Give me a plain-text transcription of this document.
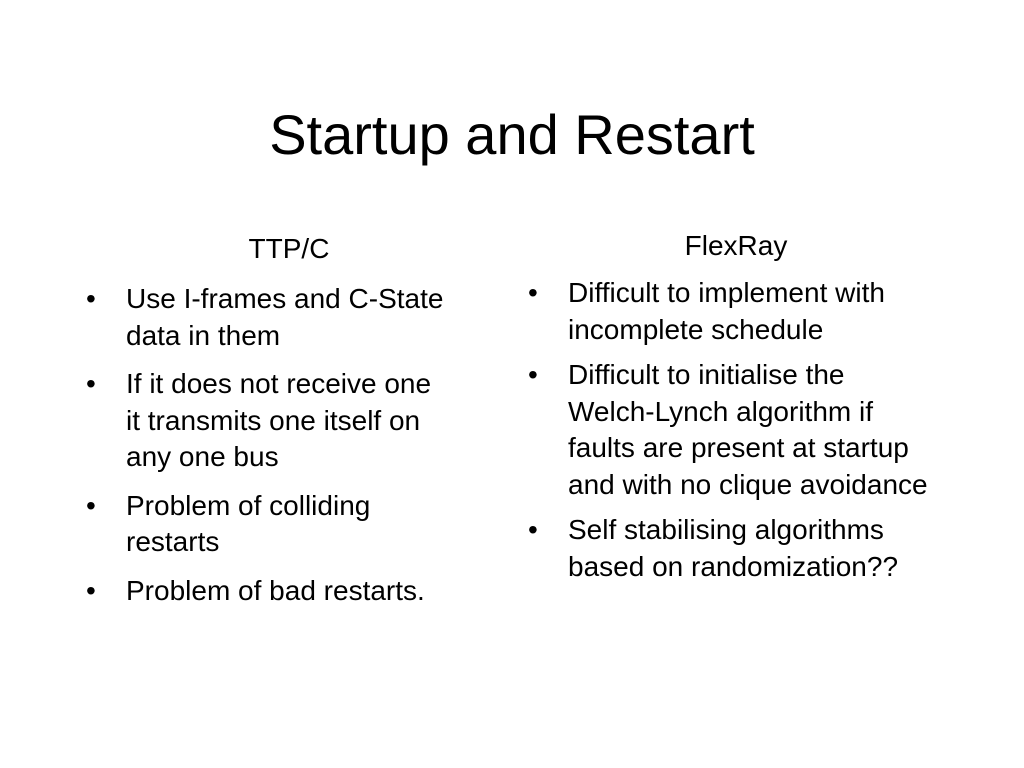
Startup and Restart
TTP/C
• Use I-frames and C-State data in them
• If it does not receive one it transmits one itself on any one bus
• Problem of colliding restarts
• Problem of bad restarts.
FlexRay
• Difficult to implement with incomplete schedule
• Difficult to initialise the Welch-Lynch algorithm if faults are present at startup and with no clique avoidance
• Self stabilising algorithms based on randomization??
